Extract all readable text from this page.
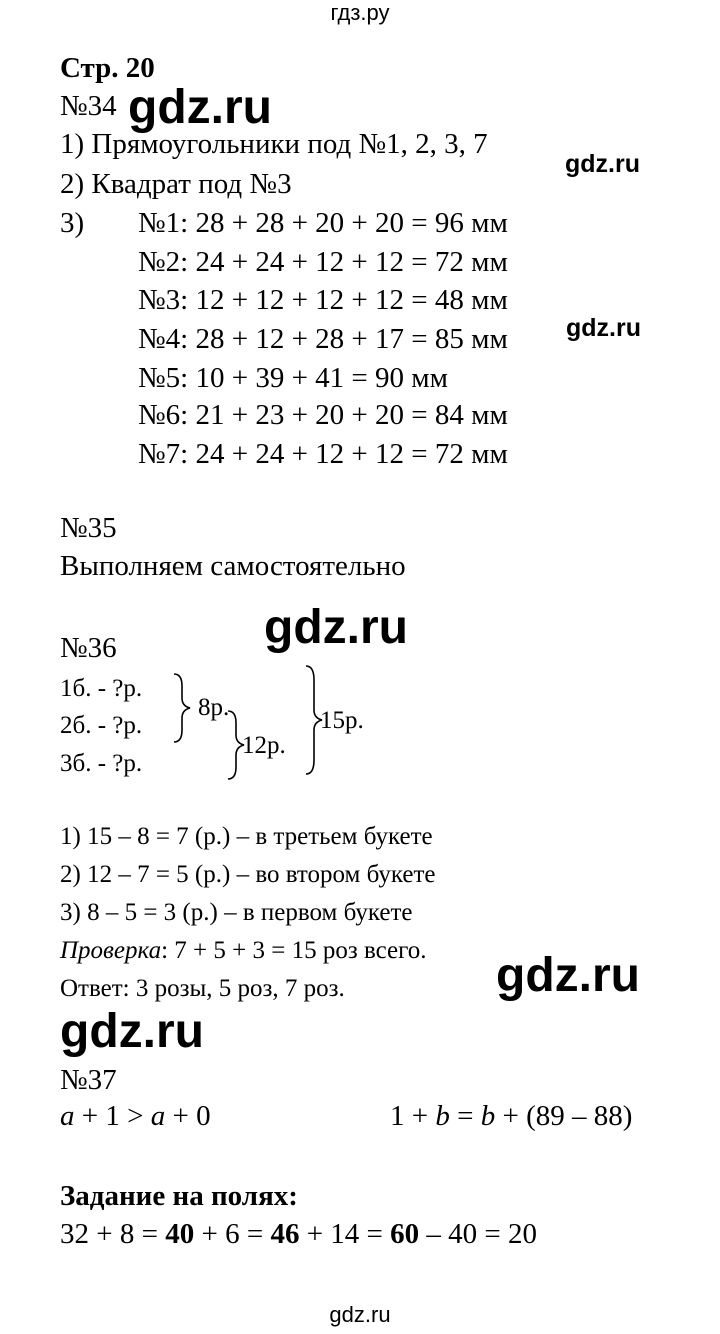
гдз.ру
Стр. 20
№34 gdz.ru
1) Прямоугольники под №1, 2, 3, 7
gdz.ru
2) Квадрат под №3
3) №1: 28 + 28 + 20 + 20 = 96 мм
№2: 24 + 24 + 12 + 12 = 72 мм
№3: 12 + 12 + 12 + 12 = 48 мм
№4: 28 + 12 + 28 + 17 = 85 мм gdz.ru
№5: 10 + 39 + 41 = 90 мм
№6: 21 + 23 + 20 + 20 = 84 мм
№7: 24 + 24 + 12 + 12 = 72 мм
№35
Выполняем самостоятельно
gdz.ru
№36
1б. - ?р.
2б. - ?р.
3б. - ?р.
8р.
12р.
15р.
1) 15 – 8 = 7 (р.) – в третьем букете
2) 12 – 7 = 5 (р.) – во втором букете
3) 8 – 5 = 3 (р.) – в первом букете
Проверка: 7 + 5 + 3 = 15 роз всего.
Ответ: 3 розы, 5 роз, 7 роз.	gdz.ru
gdz.ru
№37
a + 1 > a + 0	1 + b = b + (89 – 88)
Задание на полях:
32 + 8 = 40 + 6 = 46 + 14 = 60 – 40 = 20
gdz.ru
